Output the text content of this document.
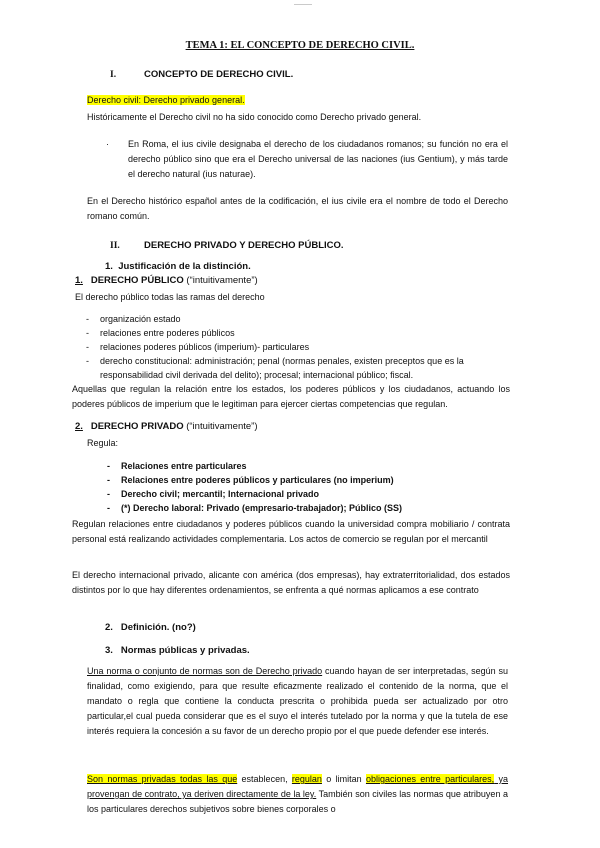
———
TEMA 1: EL CONCEPTO DE DERECHO CIVIL.
I.	CONCEPTO DE DERECHO CIVIL.
Derecho civil: Derecho privado general.
Históricamente el Derecho civil no ha sido conocido como Derecho privado general.
· En Roma, el ius civile designaba el derecho de los ciudadanos romanos; su función no era el derecho público sino que era el Derecho universal de las naciones (ius Gentium), y más tarde el derecho natural (ius naturae).

En el Derecho histórico español antes de la codificación, el ius civile era el nombre de todo el Derecho romano común.

II.	DERECHO PRIVADO Y DERECHO PÚBLICO.
1. Justificación de la distinción.
1. DERECHO PÚBLICO (“intuitivamente”)
El derecho público todas las ramas del derecho
- organización estado
- relaciones entre poderes públicos
- relaciones poderes públicos (imperium)- particulares
- derecho constitucional: administración; penal (normas penales, existen preceptos que es la responsabilidad civil derivada del delito); procesal; internacional público; fiscal.

Aquellas que regulan la relación entre los estados, los poderes públicos y los ciudadanos, actuando los poderes públicos de imperium que le legitiman para ejercer ciertas competencias que regulan.

2. DERECHO PRIVADO (“intuitivamente”)
Regula:
- Relaciones entre particulares
- Relaciones entre poderes públicos y particulares (no imperium)
- Derecho civil; mercantil; Internacional privado
- (*) Derecho laboral: Privado (empresario-trabajador); Público (SS)

Regulan relaciones entre ciudadanos y poderes públicos cuando la universidad compra mobiliario / contrata personal está realizando actividades complementaria. Los actos de comercio se regulan por el mercantil

El derecho internacional privado, alicante con américa (dos empresas), hay extraterritorialidad, dos estados distintos por lo que hay diferentes ordenamientos, se enfrenta a qué normas aplicamos a ese contrato

2. Definición. (no?)
3. Normas públicas y privadas.

Una norma o conjunto de normas son de Derecho privado cuando hayan de ser interpretadas, según su finalidad, como exigiendo, para que resulte eficazmente realizado el contenido de la norma, que el mandato o regla que contiene la conducta prescrita o prohibida pueda ser actualizado por otro particular,el cual pueda considerar que es el suyo el interés tutelado por la norma y que la tutela de ese interés requiera la concesión a su favor de un derecho propio por el que puede defender ese interés.

Son normas privadas todas las que establecen, regulan o limitan obligaciones entre particulares, ya provengan de contrato, ya deriven directamente de la ley. También son civiles las normas que atribuyen a los particulares derechos subjetivos sobre bienes corporales o
